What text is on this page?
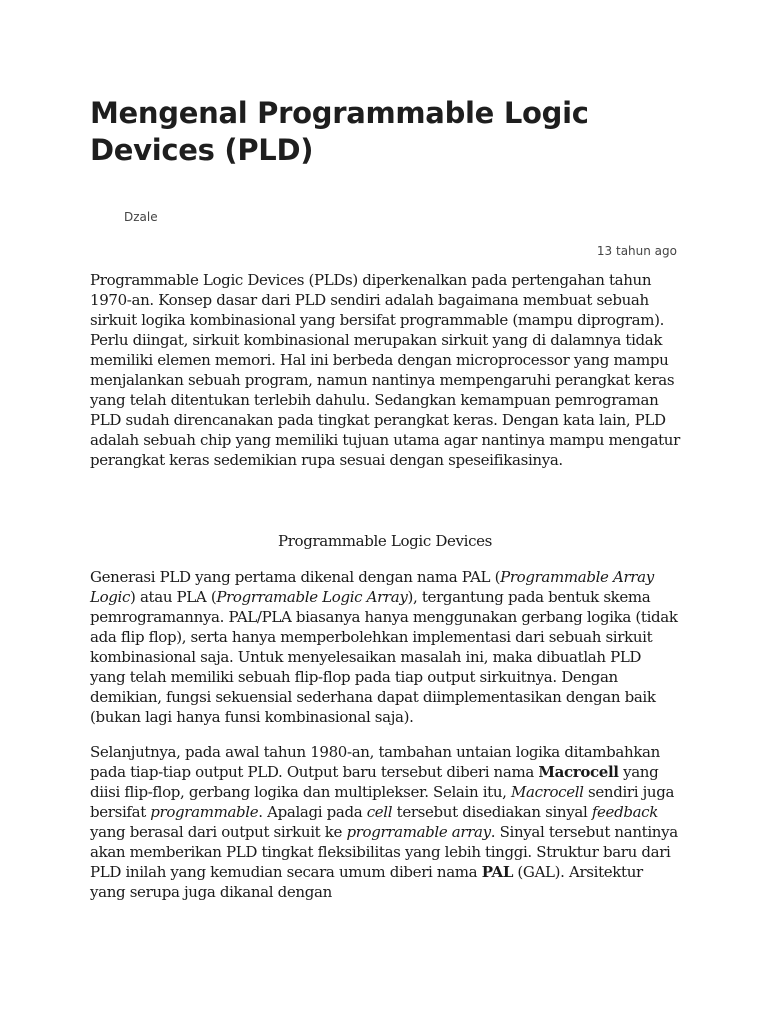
Mengenal Programmable Logic Devices (PLD)
Dzale
13 tahun ago

Programmable Logic Devices (PLDs) diperkenalkan pada pertengahan tahun 1970-an. Konsep dasar dari PLD sendiri adalah bagaimana membuat sebuah sirkuit logika kombinasional yang bersifat programmable (mampu diprogram). Perlu diingat, sirkuit kombinasional merupakan sirkuit yang di dalamnya tidak memiliki elemen memori. Hal ini berbeda dengan microprocessor yang mampu menjalankan sebuah program, namun nantinya mempengaruhi perangkat keras yang telah ditentukan terlebih dahulu. Sedangkan kemampuan pemrograman PLD sudah direncanakan pada tingkat perangkat keras. Dengan kata lain, PLD adalah sebuah chip yang memiliki tujuan utama agar nantinya mampu mengatur perangkat keras sedemikian rupa sesuai dengan speseifikasinya.

Programmable Logic Devices

Generasi PLD yang pertama dikenal dengan nama PAL (Programmable Array Logic) atau PLA (Progrramable Logic Array), tergantung pada bentuk skema pemrogramannya. PAL/PLA biasanya hanya menggunakan gerbang logika (tidak ada flip flop), serta hanya memperbolehkan implementasi dari sebuah sirkuit kombinasional saja. Untuk menyelesaikan masalah ini, maka dibuatlah PLD yang telah memiliki sebuah flip-flop pada tiap output sirkuitnya. Dengan demikian, fungsi sekuensial sederhana dapat diimplementasikan dengan baik (bukan lagi hanya funsi kombinasional saja).

Selanjutnya, pada awal tahun 1980-an, tambahan untaian logika ditambahkan pada tiap-tiap output PLD. Output baru tersebut diberi nama Macrocell yang diisi flip-flop, gerbang logika dan multiplekser. Selain itu, Macrocell sendiri juga bersifat programmable. Apalagi pada cell tersebut disediakan sinyal feedback yang berasal dari output sirkuit ke progrramable array. Sinyal tersebut nantinya akan memberikan PLD tingkat fleksibilitas yang lebih tinggi. Struktur baru dari PLD inilah yang kemudian secara umum diberi nama PAL (GAL). Arsitektur yang serupa juga dikanal dengan
